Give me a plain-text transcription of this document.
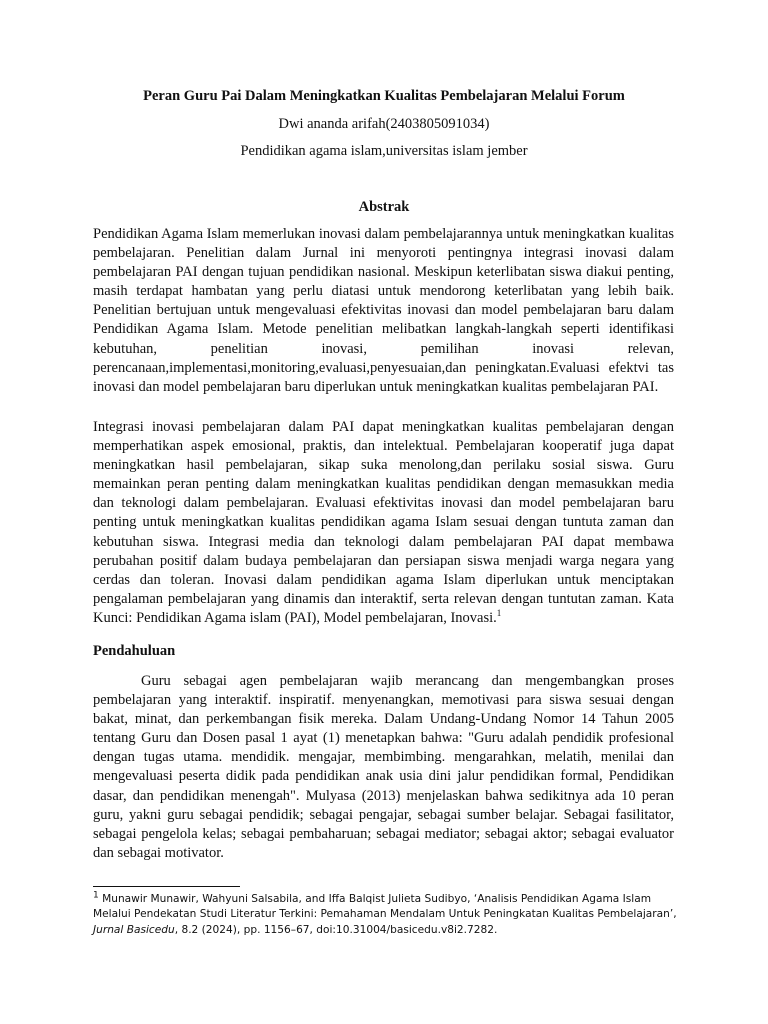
Peran Guru Pai Dalam Meningkatkan Kualitas Pembelajaran Melalui Forum
Dwi ananda arifah(2403805091034)
Pendidikan agama islam,universitas islam jember
Abstrak

Pendidikan Agama Islam memerlukan inovasi dalam pembelajarannya untuk meningkatkan kualitas pembelajaran. Penelitian dalam Jurnal ini menyoroti pentingnya integrasi inovasi dalam pembelajaran PAI dengan tujuan pendidikan nasional. Meskipun keterlibatan siswa diakui penting, masih terdapat hambatan yang perlu diatasi untuk mendorong keterlibatan yang lebih baik. Penelitian bertujuan untuk mengevaluasi efektivitas inovasi dan model pembelajaran baru dalam Pendidikan Agama Islam. Metode penelitian melibatkan langkah-langkah seperti identifikasi kebutuhan, penelitian inovasi, pemilihan inovasi relevan, perencanaan,implementasi,monitoring,evaluasi,penyesuaian,dan peningkatan.Evaluasi efektvi tas inovasi dan model pembelajaran baru diperlukan untuk meningkatkan kualitas pembelajaran PAI.

Integrasi inovasi pembelajaran dalam PAI dapat meningkatkan kualitas pembelajaran dengan memperhatikan aspek emosional, praktis, dan intelektual. Pembelajaran kooperatif juga dapat meningkatkan hasil pembelajaran, sikap suka menolong,dan perilaku sosial siswa. Guru memainkan peran penting dalam meningkatkan kualitas pendidikan dengan memasukkan media dan teknologi dalam pembelajaran. Evaluasi efektivitas inovasi dan model pembelajaran baru penting untuk meningkatkan kualitas pendidikan agama Islam sesuai dengan tuntuta zaman dan kebutuhan siswa. Integrasi media dan teknologi dalam pembelajaran PAI dapat membawa perubahan positif dalam budaya pembelajaran dan persiapan siswa menjadi warga negara yang cerdas dan toleran. Inovasi dalam pendidikan agama Islam diperlukan untuk menciptakan pengalaman pembelajaran yang dinamis dan interaktif, serta relevan dengan tuntutan zaman. Kata Kunci: Pendidikan Agama islam (PAI), Model pembelajaran, Inovasi.$^1$

Pendahuluan

Guru sebagai agen pembelajaran wajib merancang dan mengembangkan proses pembelajaran yang interaktif. inspiratif. menyenangkan, memotivasi para siswa sesuai dengan bakat, minat, dan perkembangan fisik mereka. Dalam Undang-Undang Nomor 14 Tahun 2005 tentang Guru dan Dosen pasal 1 ayat (1) menetapkan bahwa: "Guru adalah pendidik profesional dengan tugas utama. mendidik. mengajar, membimbing. mengarahkan, melatih, menilai dan mengevaluasi peserta didik pada pendidikan anak usia dini jalur pendidikan formal, Pendidikan dasar, dan pendidikan menengah". Mulyasa (2013) menjelaskan bahwa sedikitnya ada 10 peran guru, yakni guru sebagai pendidik; sebagai pengajar, sebagai sumber belajar. Sebagai fasilitator, sebagai pengelola kelas; sebagai pembaharuan; sebagai mediator; sebagai aktor; sebagai evaluator dan sebagai motivator.

$^1$ Munawir Munawir, Wahyuni Salsabila, and Iffa Balqist Julieta Sudibyo, ‘Analisis Pendidikan Agama Islam Melalui Pendekatan Studi Literatur Terkini: Pemahaman Mendalam Untuk Peningkatan Kualitas Pembelajaran’, Jurnal Basicedu, 8.2 (2024), pp. 1156–67, doi:10.31004/basicedu.v8i2.7282.
